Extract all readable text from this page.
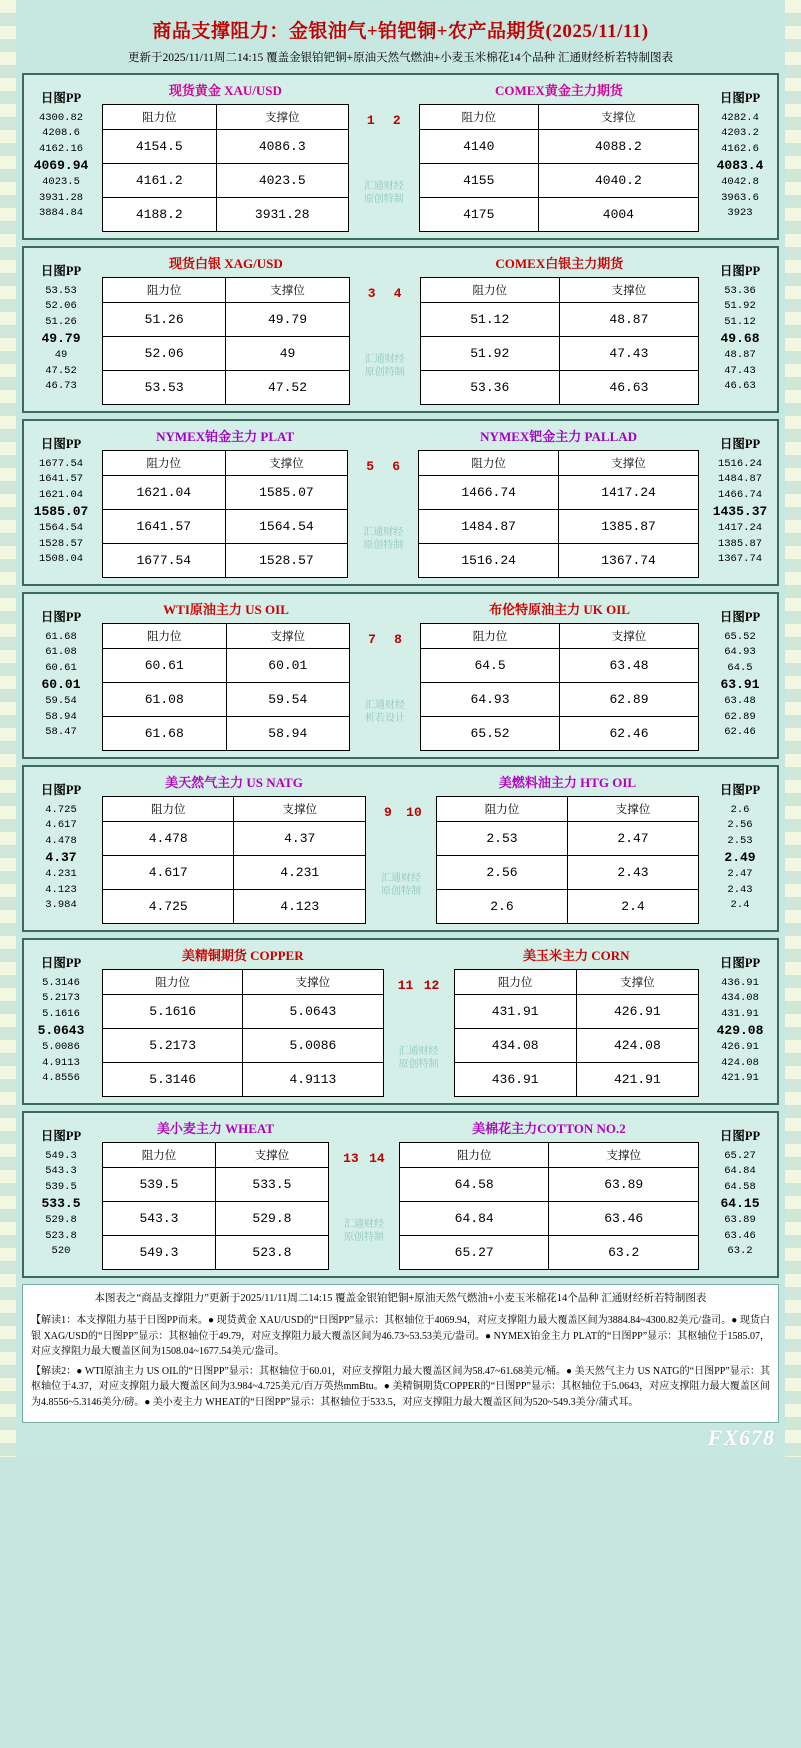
商品支撑阻力：金银油气+铂钯铜+农产品期货(2025/11/11)
更新于2025/11/11周二14:15 覆盖金银铂钯铜+原油天然气燃油+小麦玉米棉花14个品种 汇通财经析若特制图表
日图PP
4300.82
4208.6
4162.16
4069.94
4023.5
3931.28
3884.84

现货黄金 XAU/USD
阻力位	支撑位
4154.5	4086.3
4161.2	4023.5
4188.2	3931.28

1 2
汇通财经
原创特制

COMEX黄金主力期货
阻力位	支撑位
4140	4088.2
4155	4040.2
4175	4004

日图PP
4282.4
4203.2
4162.6
4083.4
4042.8
3963.6
3923
日图PP
53.53
52.06
51.26
49.79
49
47.52
46.73

现货白银 XAG/USD
阻力位	支撑位
51.26	49.79
52.06	49
53.53	47.52

3 4
汇通财经
原创特制

COMEX白银主力期货
阻力位	支撑位
51.12	48.87
51.92	47.43
53.36	46.63

日图PP
53.36
51.92
51.12
49.68
48.87
47.43
46.63
日图PP
1677.54
1641.57
1621.04
1585.07
1564.54
1528.57
1508.04

NYMEX铂金主力 PLAT
阻力位	支撑位
1621.04	1585.07
1641.57	1564.54
1677.54	1528.57

5 6
汇通财经
原创特制

NYMEX钯金主力 PALLAD
阻力位	支撑位
1466.74	1417.24
1484.87	1385.87
1516.24	1367.74

日图PP
1516.24
1484.87
1466.74
1435.37
1417.24
1385.87
1367.74
日图PP
61.68
61.08
60.61
60.01
59.54
58.94
58.47

WTI原油主力 US OIL
阻力位	支撑位
60.61	60.01
61.08	59.54
61.68	58.94

7 8
汇通财经
析若设计

布伦特原油主力 UK OIL
阻力位	支撑位
64.5	63.48
64.93	62.89
65.52	62.46

日图PP
65.52
64.93
64.5
63.91
63.48
62.89
62.46
日图PP
4.725
4.617
4.478
4.37
4.231
4.123
3.984

美天然气主力 US NATG
阻力位	支撑位
4.478	4.37
4.617	4.231
4.725	4.123

9 10
汇通财经
原创特制

美燃料油主力 HTG OIL
阻力位	支撑位
2.53	2.47
2.56	2.43
2.6	2.4

日图PP
2.6
2.56
2.53
2.49
2.47
2.43
2.4
日图PP
5.3146
5.2173
5.1616
5.0643
5.0086
4.9113
4.8556

美精铜期货 COPPER
阻力位	支撑位
5.1616	5.0643
5.2173	5.0086
5.3146	4.9113

11 12
汇通财经
原创特制

美玉米主力 CORN
阻力位	支撑位
431.91	426.91
434.08	424.08
436.91	421.91

日图PP
436.91
434.08
431.91
429.08
426.91
424.08
421.91
日图PP
549.3
543.3
539.5
533.5
529.8
523.8
520

美小麦主力 WHEAT
阻力位	支撑位
539.5	533.5
543.3	529.8
549.3	523.8

13 14
汇通财经
原创特制

美棉花主力COTTON NO.2
阻力位	支撑位
64.58	63.89
64.84	63.46
65.27	63.2

日图PP
65.27
64.84
64.58
64.15
63.89
63.46
63.2
本图表之“商品支撑阻力”更新于2025/11/11周二14:15 覆盖金银铂钯铜+原油天然气燃油+小麦玉米棉花14个品种 汇通财经析若特制图表

【解读1：本支撑阻力基于日图PP而来。● 现货黄金 XAU/USD的“日图PP”显示：其枢轴位于4069.94，对应支撑阻力最大覆盖区间为3884.84~4300.82美元/盎司。● 现货白银 XAG/USD的“日图PP”显示：其枢轴位于49.79，对应支撑阻力最大覆盖区间为46.73~53.53美元/盎司。● NYMEX铂金主力 PLAT的“日图PP”显示：其枢轴位于1585.07，对应支撑阻力最大覆盖区间为1508.04~1677.54美元/盎司。

【解读2：● WTI原油主力 US OIL的“日图PP”显示：其枢轴位于60.01，对应支撑阻力最大覆盖区间为58.47~61.68美元/桶。● 美天然气主力 US NATG的“日图PP”显示：其枢轴位于4.37，对应支撑阻力最大覆盖区间为3.984~4.725美元/百万英热mmBtu。● 美精铜期货COPPER的“日图PP”显示：其枢轴位于5.0643，对应支撑阻力最大覆盖区间为4.8556~5.3146美分/磅。● 美小麦主力 WHEAT的“日图PP”显示：其枢轴位于533.5，对应支撑阻力最大覆盖区间为520~549.3美分/蒲式耳。

FX678
